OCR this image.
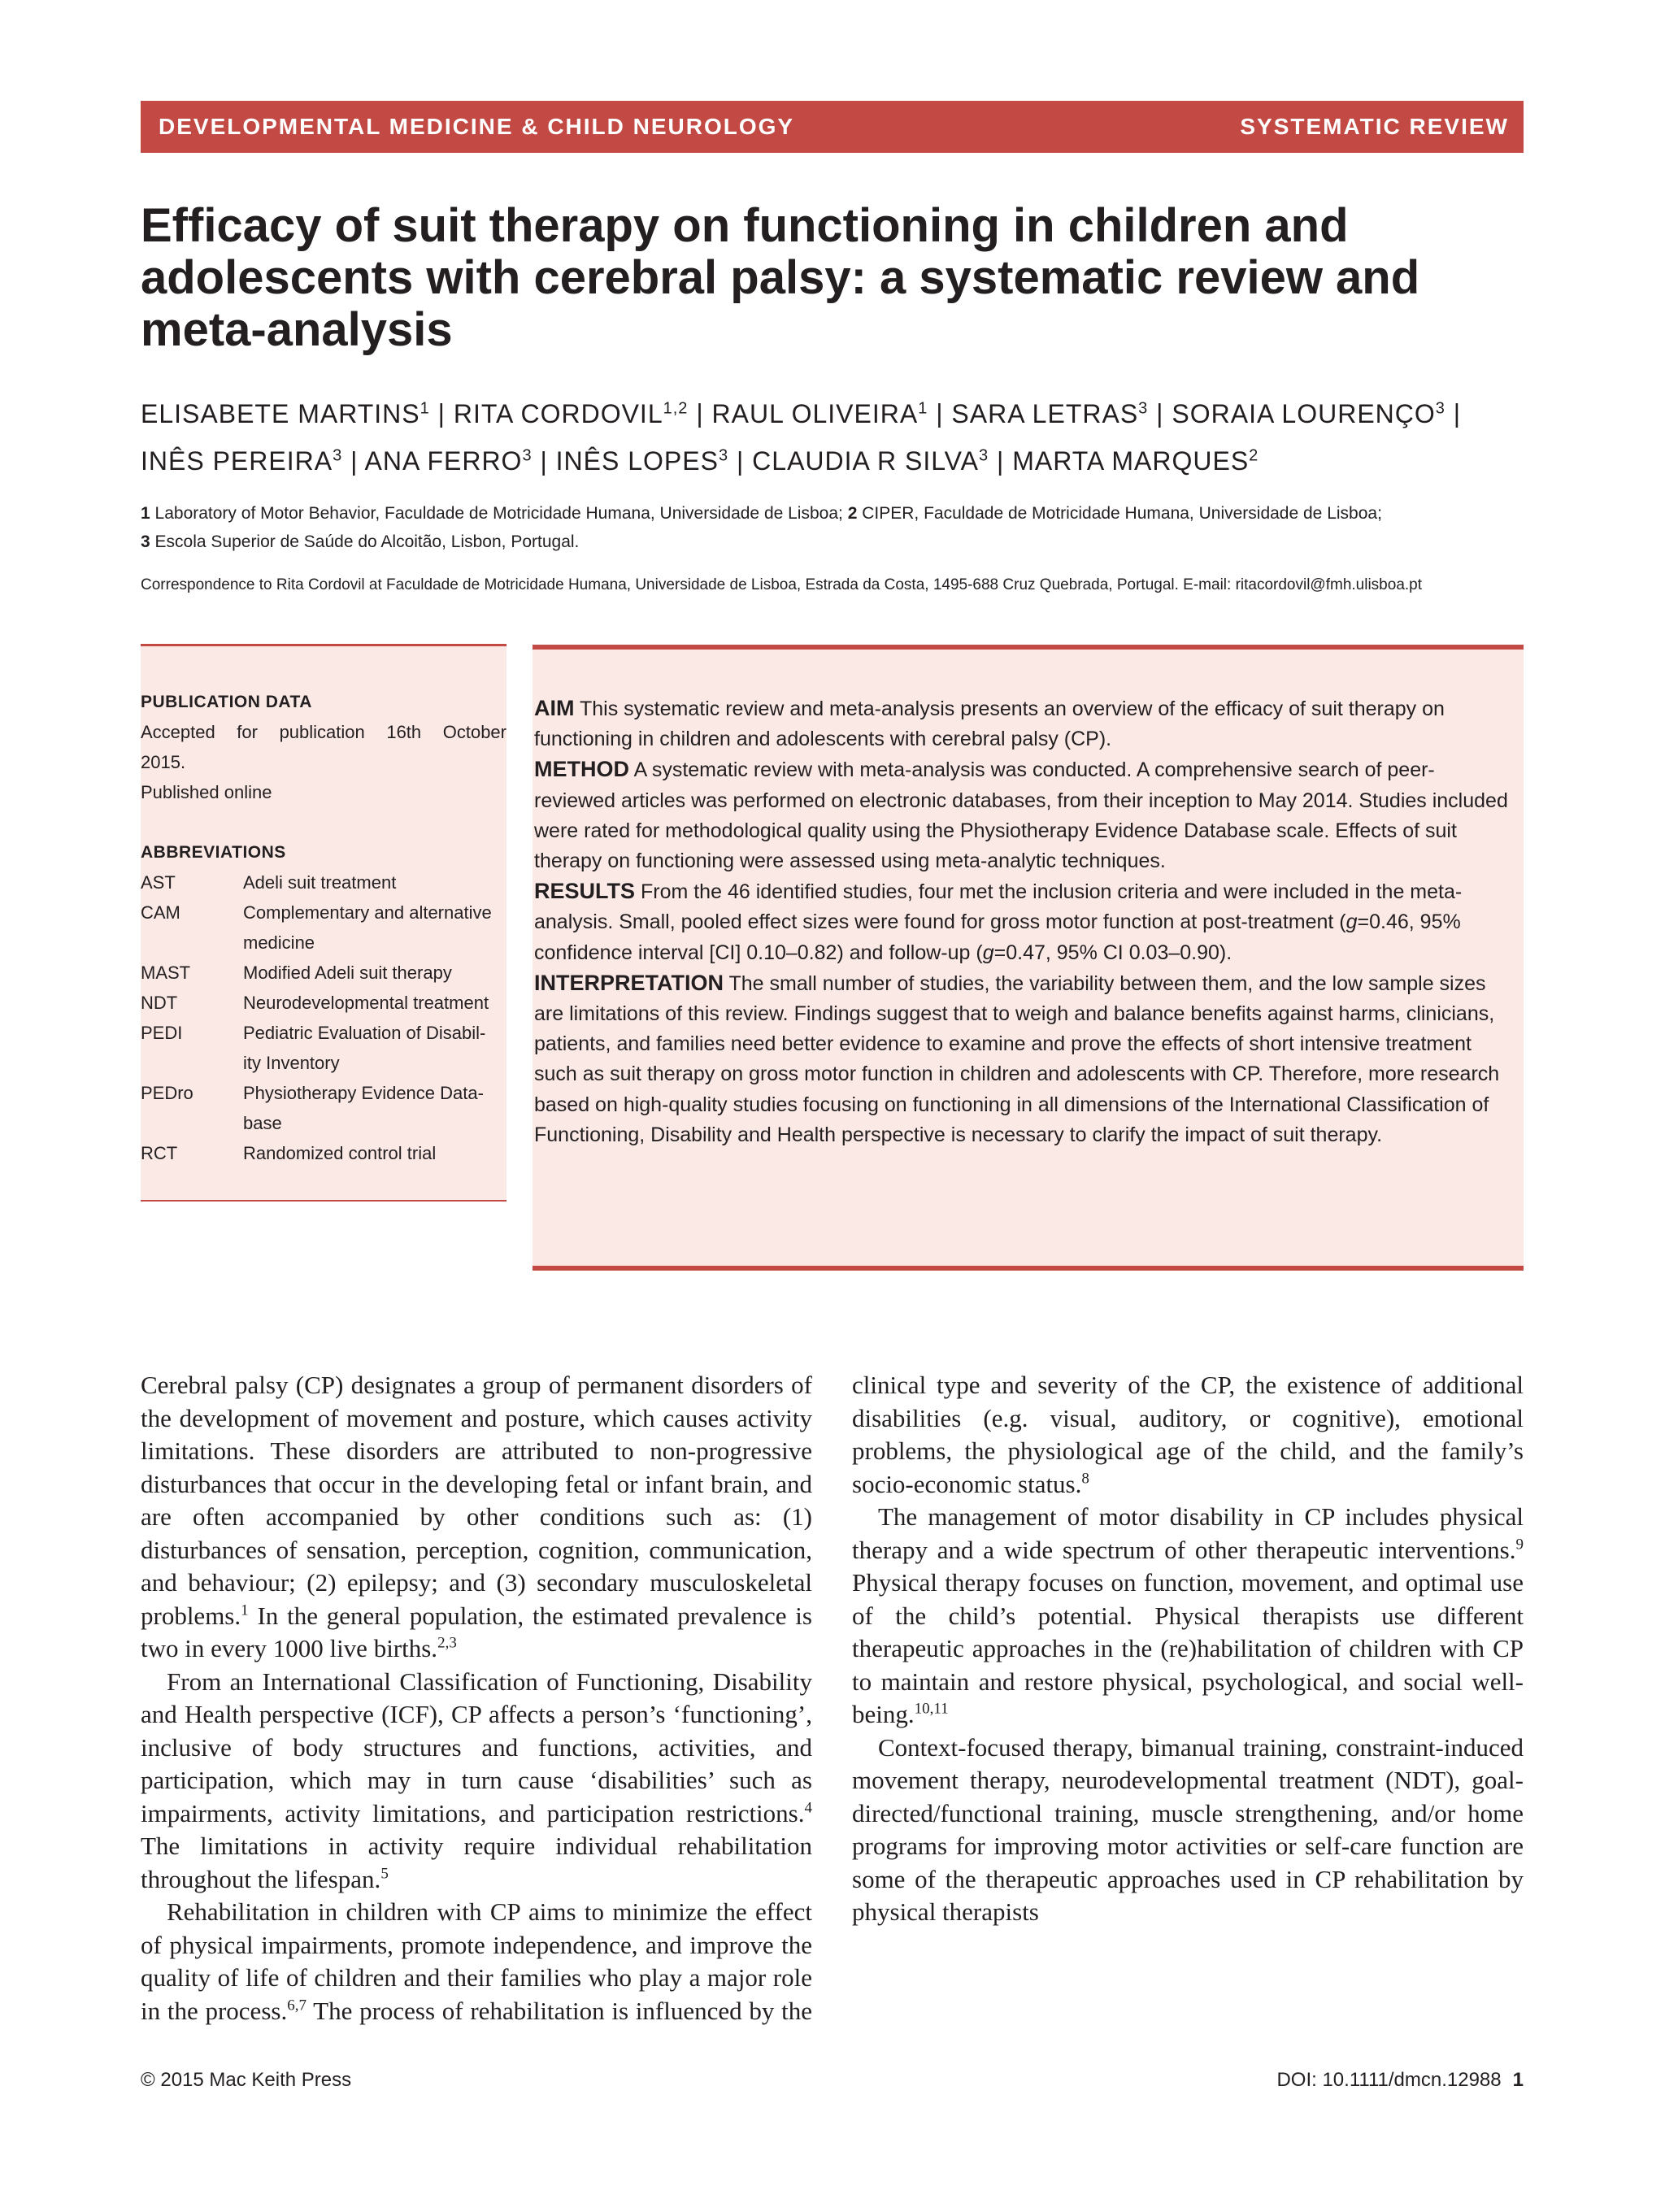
DEVELOPMENTAL MEDICINE & CHILD NEUROLOGY	SYSTEMATIC REVIEW
Efficacy of suit therapy on functioning in children and adolescents with cerebral palsy: a systematic review and meta-analysis
ELISABETE MARTINS$^1$ | RITA CORDOVIL$^{1,2}$ | RAUL OLIVEIRA$^1$ | SARA LETRAS$^3$ | SORAIA LOURENÇO$^3$ |
INÊS PEREIRA$^3$ | ANA FERRO$^3$ | INÊS LOPES$^3$ | CLAUDIA R SILVA$^3$ | MARTA MARQUES$^2$
1 Laboratory of Motor Behavior, Faculdade de Motricidade Humana, Universidade de Lisboa; 2 CIPER, Faculdade de Motricidade Humana, Universidade de Lisboa;
3 Escola Superior de Saúde do Alcoitão, Lisbon, Portugal.
Correspondence to Rita Cordovil at Faculdade de Motricidade Humana, Universidade de Lisboa, Estrada da Costa, 1495-688 Cruz Quebrada, Portugal. E-mail: ritacordovil@fmh.ulisboa.pt
PUBLICATION DATA
Accepted for publication 16th October
2015.
Published online
ABBREVIATIONS
AST	Adeli suit treatment
CAM	Complementary and alternative medicine
MAST	Modified Adeli suit therapy
NDT	Neurodevelopmental treatment
PEDI	Pediatric Evaluation of Disabil-ity Inventory
PEDro	Physiotherapy Evidence Data-base
RCT	Randomized control trial

AIM This systematic review and meta-analysis presents an overview of the efficacy of suit therapy on functioning in children and adolescents with cerebral palsy (CP).

METHOD A systematic review with meta-analysis was conducted. A comprehensive search of peer-reviewed articles was performed on electronic databases, from their inception to May 2014. Studies included were rated for methodological quality using the Physiotherapy Evidence Database scale. Effects of suit therapy on functioning were assessed using meta-analytic techniques.

RESULTS From the 46 identified studies, four met the inclusion criteria and were included in the meta-analysis. Small, pooled effect sizes were found for gross motor function at post-treatment (g=0.46, 95% confidence interval [CI] 0.10–0.82) and follow-up (g=0.47, 95% CI 0.03–0.90).

INTERPRETATION The small number of studies, the variability between them, and the low sample sizes are limitations of this review. Findings suggest that to weigh and balance benefits against harms, clinicians, patients, and families need better evidence to examine and prove the effects of short intensive treatment such as suit therapy on gross motor function in children and adolescents with CP. Therefore, more research based on high-quality studies focusing on functioning in all dimensions of the International Classification of Functioning, Disability and Health perspective is necessary to clarify the impact of suit therapy.

Cerebral palsy (CP) designates a group of permanent disorders of the development of movement and posture, which causes activity limitations. These disorders are attributed to non-progressive disturbances that occur in the developing fetal or infant brain, and are often accompanied by other conditions such as: (1) disturbances of sensation, perception, cognition, communication, and behaviour; (2) epilepsy; and (3) secondary musculoskeletal problems.$^1$ In the general population, the estimated prevalence is two in every 1000 live births.$^{2,3}$

From an International Classification of Functioning, Disability and Health perspective (ICF), CP affects a person’s ‘functioning’, inclusive of body structures and functions, activities, and participation, which may in turn cause ‘disabilities’ such as impairments, activity limitations, and participation restrictions.$^4$ The limitations in activity require individual rehabilitation throughout the lifespan.$^5$

Rehabilitation in children with CP aims to minimize the effect of physical impairments, promote independence, and improve the quality of life of children and their families who play a major role in the process.$^{6,7}$ The process of rehabilitation is influenced by the

clinical type and severity of the CP, the existence of additional disabilities (e.g. visual, auditory, or cognitive), emotional problems, the physiological age of the child, and the family’s socio-economic status.$^8$

The management of motor disability in CP includes physical therapy and a wide spectrum of other therapeutic interventions.$^9$ Physical therapy focuses on function, movement, and optimal use of the child’s potential. Physical therapists use different therapeutic approaches in the (re)habilitation of children with CP to maintain and restore physical, psychological, and social well-being.$^{10,11}$

Context-focused therapy, bimanual training, constraint-induced movement therapy, neurodevelopmental treatment (NDT), goal-directed/functional training, muscle strengthening, and/or home programs for improving motor activities or self-care function are some of the therapeutic approaches used in CP rehabilitation by physical therapists

© 2015 Mac Keith Press	DOI: 10.1111/dmcn.12988 1
